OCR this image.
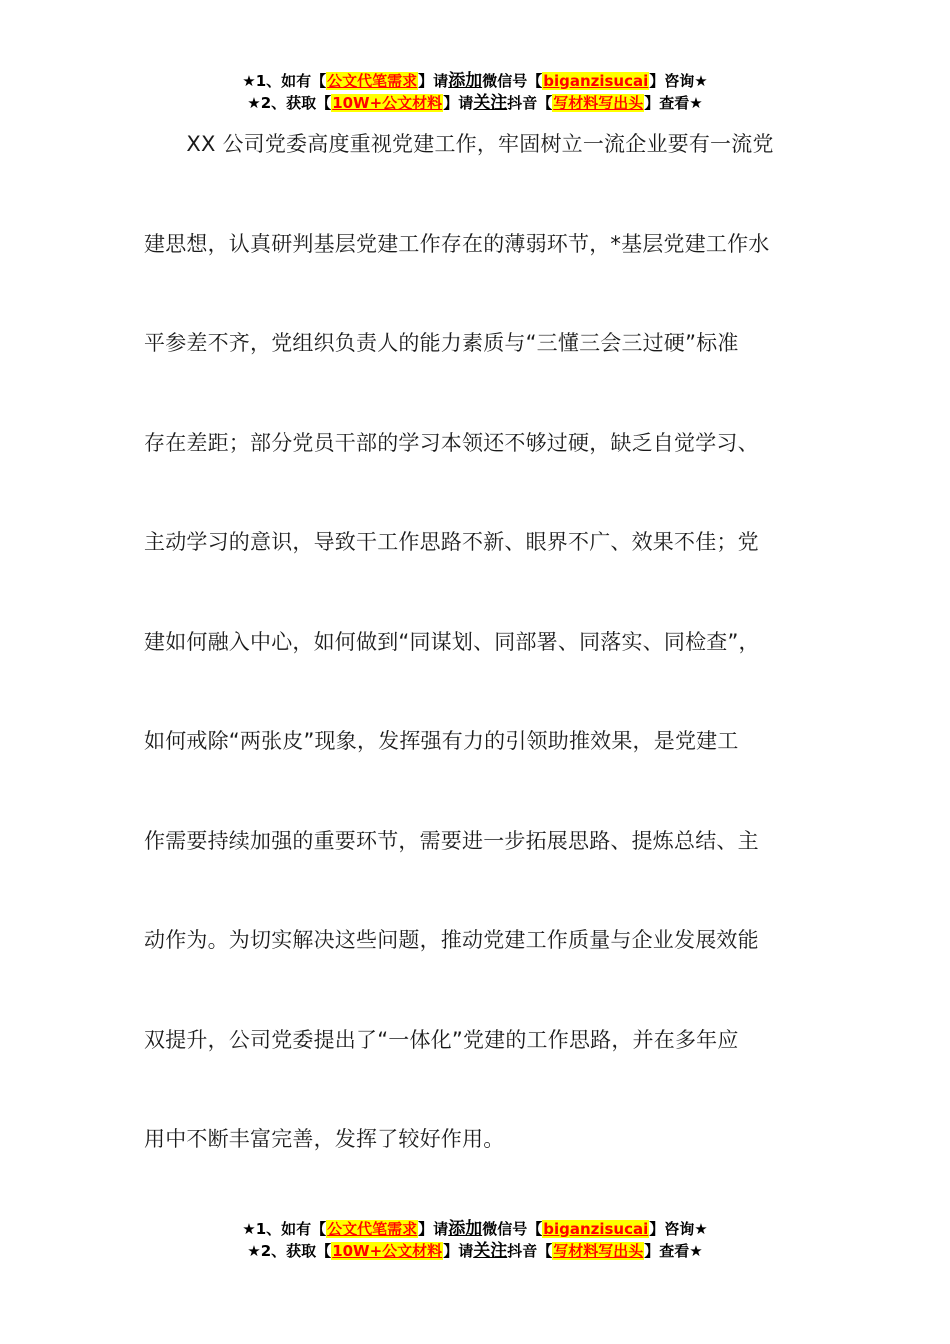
★1、如有【公文代笔需求】请添加微信号【biganzisucai】咨询★
★2、获取【10W+公文材料】请关注抖音【写材料写出头】查看★
　　XX 公司党委高度重视党建工作，牢固树立一流企业要有一流党
建思想，认真研判基层党建工作存在的薄弱环节，*基层党建工作水
平参差不齐，党组织负责人的能力素质与“三懂三会三过硬”标准
存在差距；部分党员干部的学习本领还不够过硬，缺乏自觉学习、
主动学习的意识，导致干工作思路不新、眼界不广、效果不佳；党
建如何融入中心，如何做到“同谋划、同部署、同落实、同检查”，
如何戒除“两张皮”现象，发挥强有力的引领助推效果，是党建工
作需要持续加强的重要环节，需要进一步拓展思路、提炼总结、主
动作为。为切实解决这些问题，推动党建工作质量与企业发展效能
双提升，公司党委提出了“一体化”党建的工作思路，并在多年应
用中不断丰富完善，发挥了较好作用。
★1、如有【公文代笔需求】请添加微信号【biganzisucai】咨询★
★2、获取【10W+公文材料】请关注抖音【写材料写出头】查看★
